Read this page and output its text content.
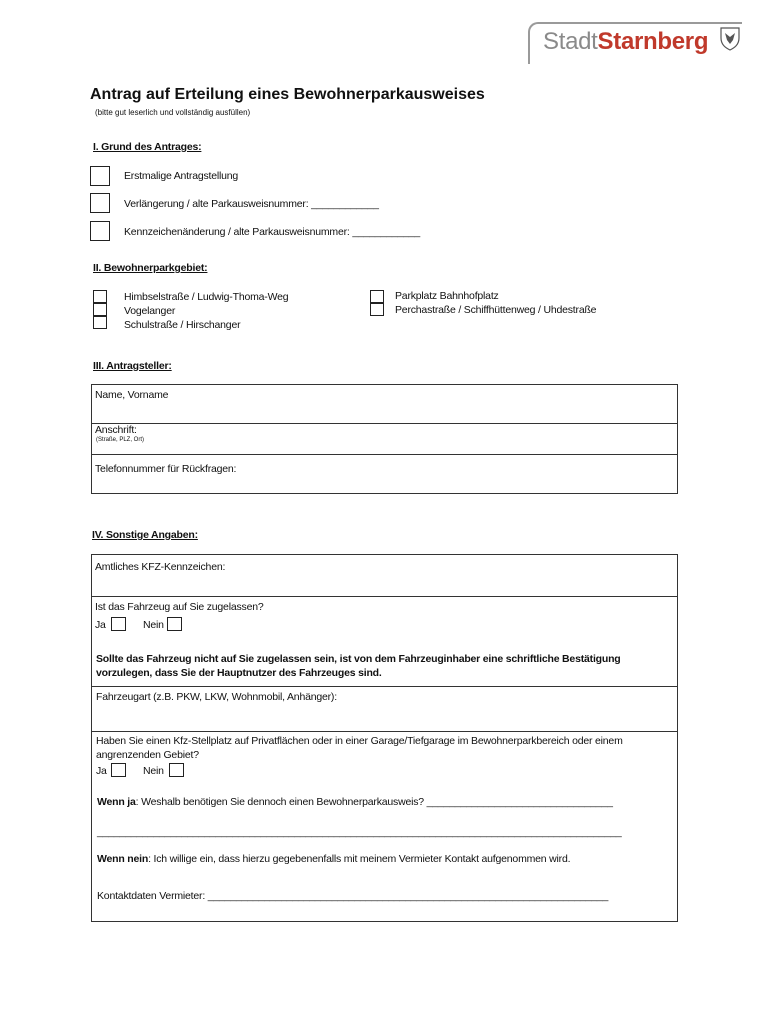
StadtStarnberg
Antrag auf Erteilung eines Bewohnerparkausweises
(bitte gut leserlich und vollständig ausfüllen)
I. Grund des Antrages:
Erstmalige Antragstellung
Verlängerung / alte Parkausweisnummer: ____________
Kennzeichenänderung / alte Parkausweisnummer: ____________
II. Bewohnerparkgebiet:
Himbselstraße / Ludwig-Thoma-Weg
Vogelanger
Schulstraße / Hirschanger
Parkplatz Bahnhofplatz
Perchastraße / Schiffhüttenweg / Uhdestraße
III. Antragsteller:
Name, Vorname
Anschrift:
(Straße, PLZ, Ort)
Telefonnummer für Rückfragen:
IV. Sonstige Angaben:
Amtliches KFZ-Kennzeichen:
Ist das Fahrzeug auf Sie zugelassen?
Ja	Nein
Sollte das Fahrzeug nicht auf Sie zugelassen sein, ist von dem Fahrzeuginhaber eine schriftliche Bestätigung
vorzulegen, dass Sie der Hauptnutzer des Fahrzeuges sind.
Fahrzeugart (z.B. PKW, LKW, Wohnmobil, Anhänger):
Haben Sie einen Kfz-Stellplatz auf Privatflächen oder in einer Garage/Tiefgarage im Bewohnerparkbereich oder einem
angrenzenden Gebiet?
Ja	Nein
Wenn ja: Weshalb benötigen Sie dennoch einen Bewohnerparkausweis? _________________________________
_____________________________________________________________________________________________
Wenn nein: Ich willige ein, dass hierzu gegebenenfalls mit meinem Vermieter Kontakt aufgenommen wird.
Kontaktdaten Vermieter: _______________________________________________________________________
